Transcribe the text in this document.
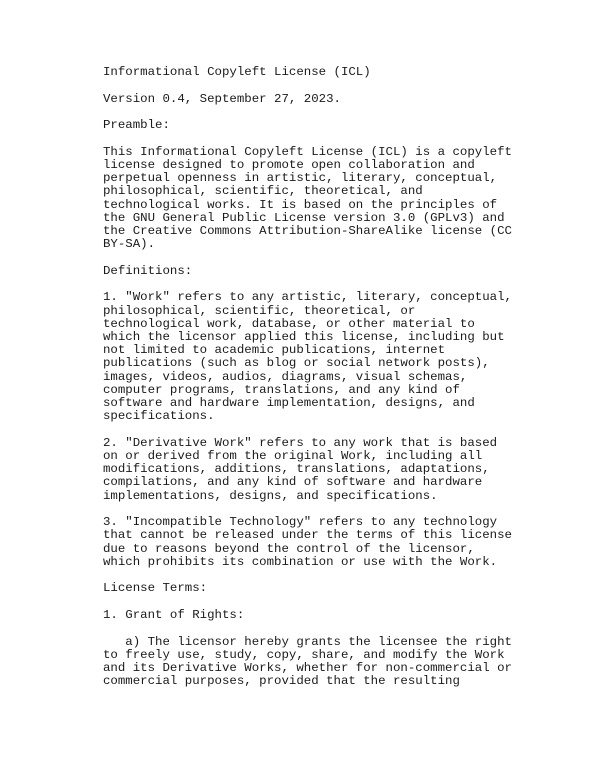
Informational Copyleft License (ICL)

Version 0.4, September 27, 2023.

Preamble:

This Informational Copyleft License (ICL) is a copyleft
license designed to promote open collaboration and
perpetual openness in artistic, literary, conceptual,
philosophical, scientific, theoretical, and
technological works. It is based on the principles of
the GNU General Public License version 3.0 (GPLv3) and
the Creative Commons Attribution-ShareAlike license (CC
BY-SA).

Definitions:

1. "Work" refers to any artistic, literary, conceptual,
philosophical, scientific, theoretical, or
technological work, database, or other material to
which the licensor applied this license, including but
not limited to academic publications, internet
publications (such as blog or social network posts),
images, videos, audios, diagrams, visual schemas,
computer programs, translations, and any kind of
software and hardware implementation, designs, and
specifications.

2. "Derivative Work" refers to any work that is based
on or derived from the original Work, including all
modifications, additions, translations, adaptations,
compilations, and any kind of software and hardware
implementations, designs, and specifications.

3. "Incompatible Technology" refers to any technology
that cannot be released under the terms of this license
due to reasons beyond the control of the licensor,
which prohibits its combination or use with the Work.

License Terms:

1. Grant of Rights:

a) The licensor hereby grants the licensee the right
to freely use, study, copy, share, and modify the Work
and its Derivative Works, whether for non-commercial or
commercial purposes, provided that the resulting
